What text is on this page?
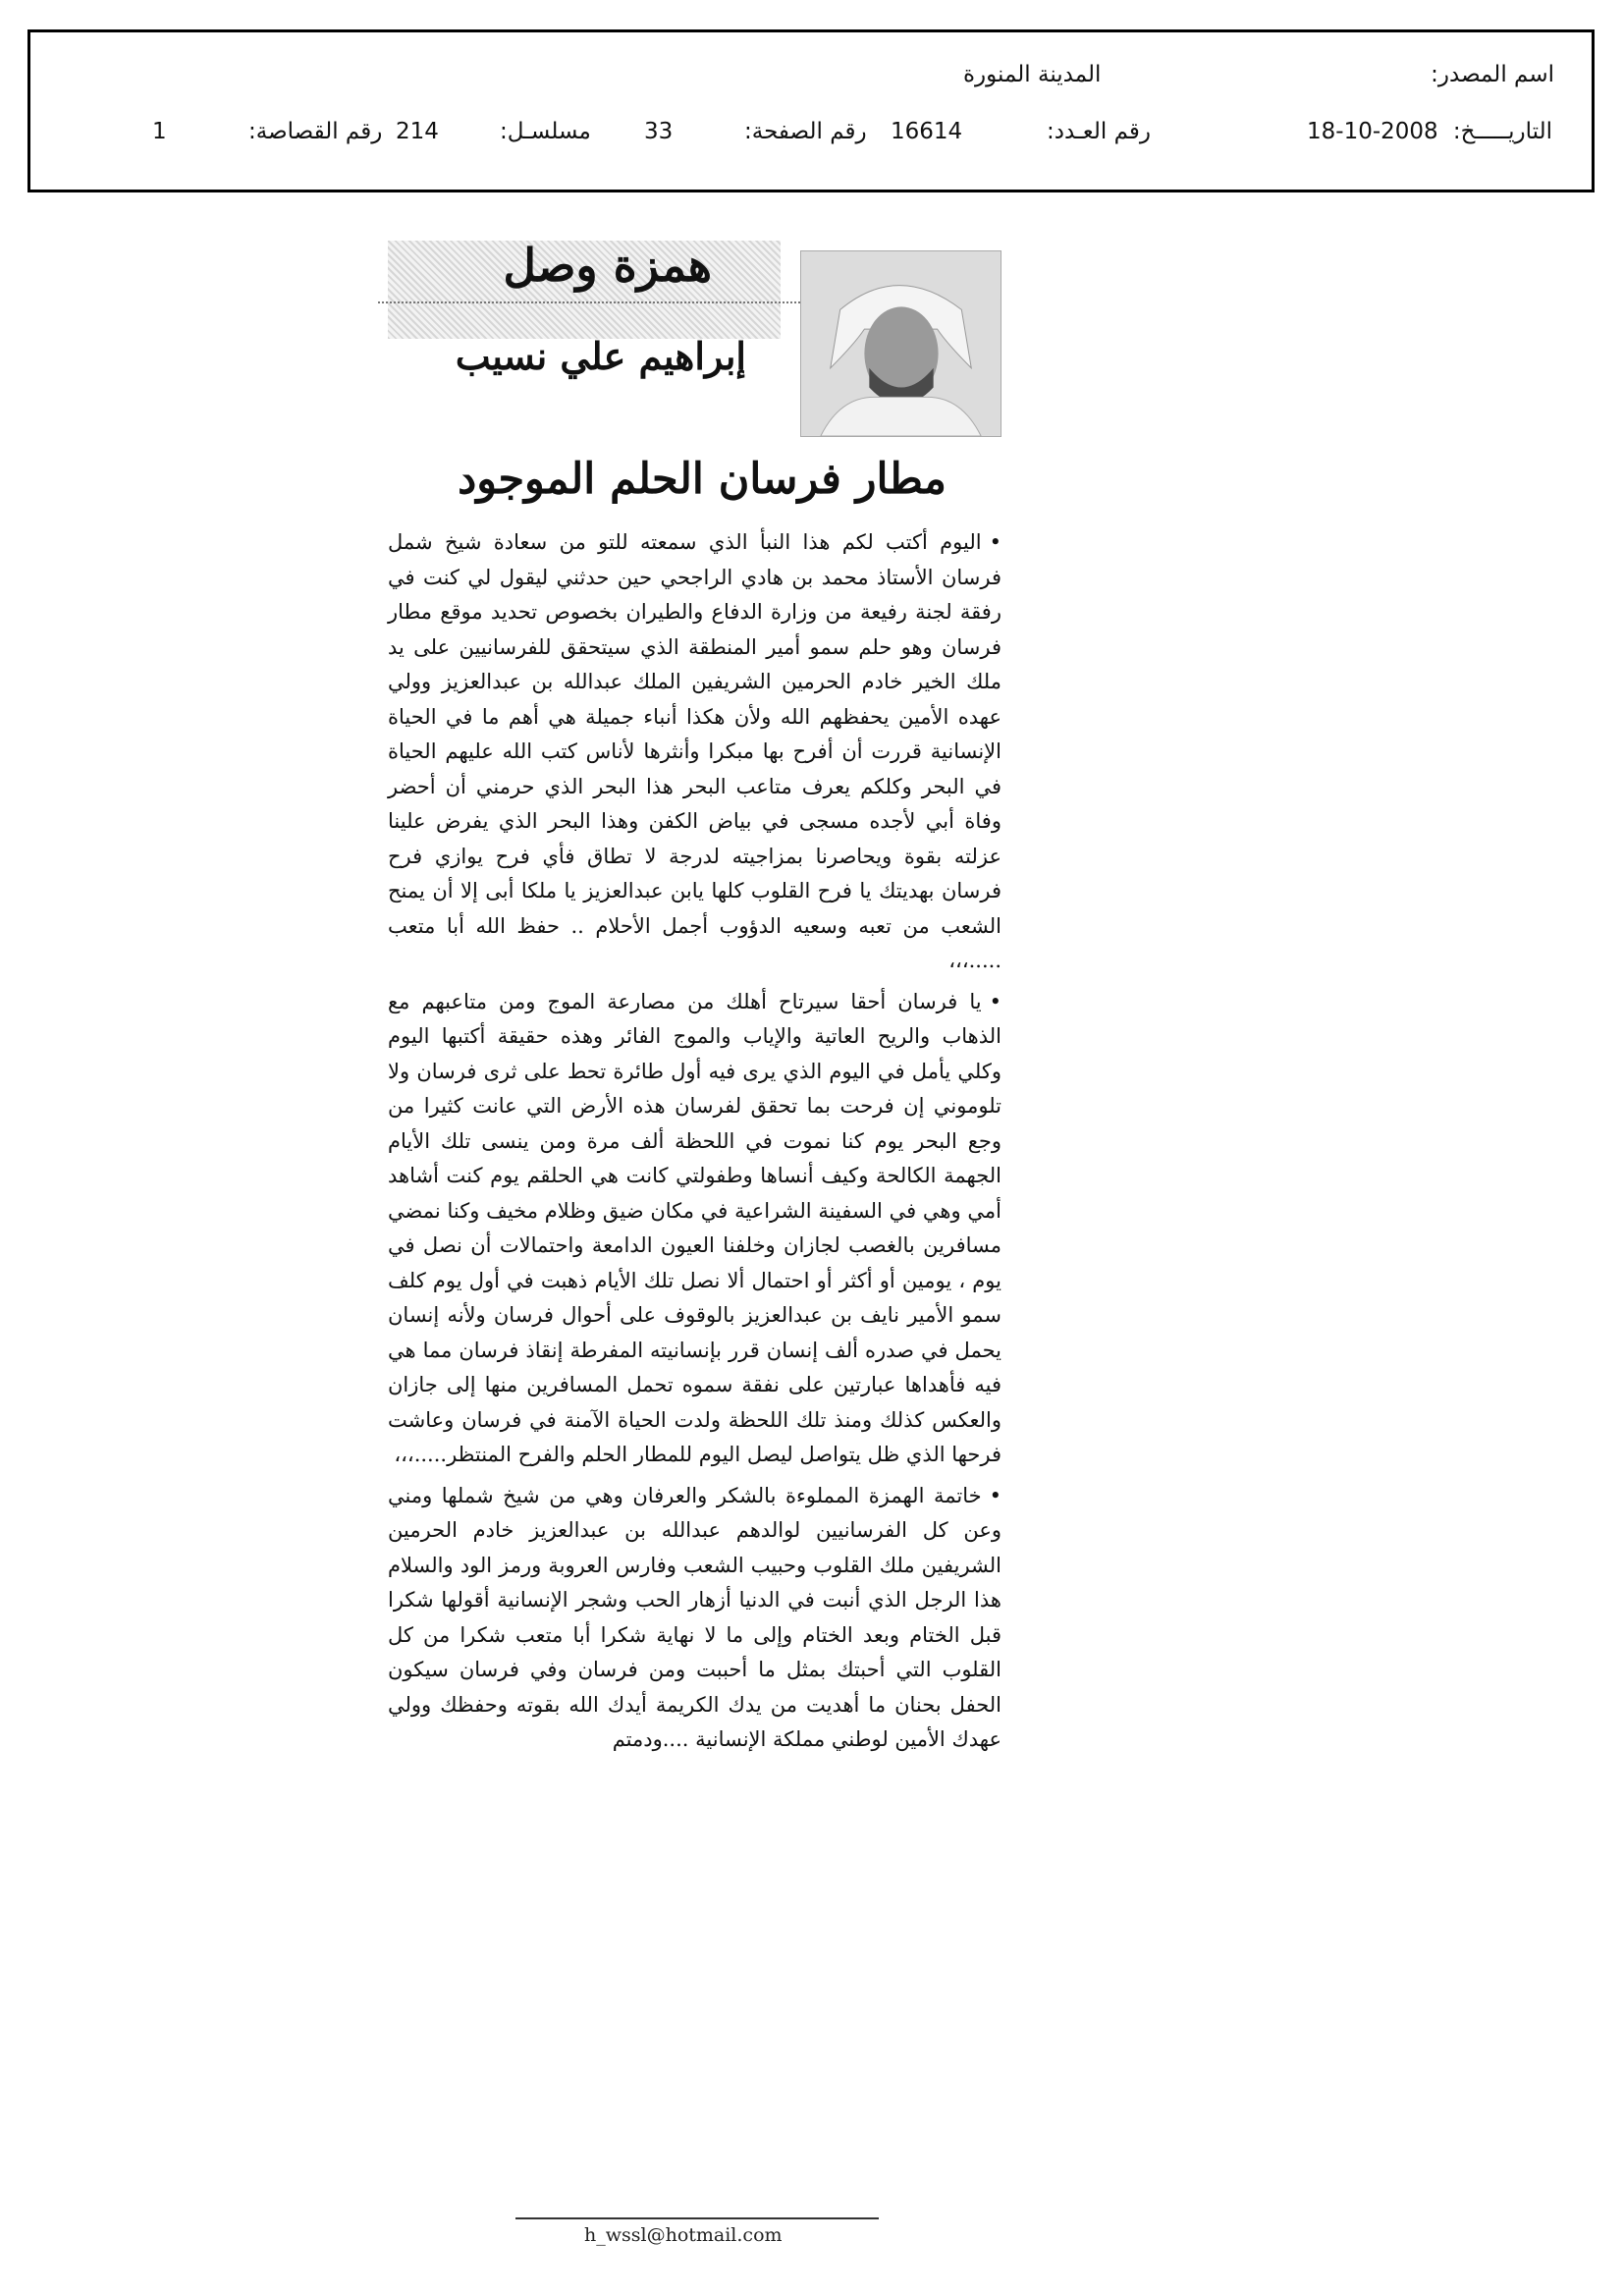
اسم المصدر:
المدينة المنورة
التاريـــــخ:
18-10-2008
رقم العـدد:
16614
رقم الصفحة:
33
مسلسـل:
214
رقم القصاصة:
1
همزة وصل
إبراهيم علي نسيب
مطار فرسان الحلم الموجود

•اليوم أكتب لكم هذا النبأ الذي سمعته للتو من سعادة شيخ شمل فرسان الأستاذ محمد بن هادي الراجحي حين حدثني ليقول لي كنت في رفقة لجنة رفيعة من وزارة الدفاع والطيران بخصوص تحديد موقع مطار فرسان وهو حلم سمو أمير المنطقة الذي سيتحقق للفرسانيين على يد ملك الخير خادم الحرمين الشريفين الملك عبدالله بن عبدالعزيز وولي عهده الأمين يحفظهم الله ولأن هكذا أنباء جميلة هي أهم ما في الحياة الإنسانية قررت أن أفرح بها مبكرا وأنثرها لأناس كتب الله عليهم الحياة في البحر وكلكم يعرف متاعب البحر هذا البحر الذي حرمني أن أحضر وفاة أبي لأجده مسجى في بياض الكفن وهذا البحر الذي يفرض علينا عزلته بقوة ويحاصرنا بمزاجيته لدرجة لا تطاق فأي فرح يوازي فرح فرسان بهديتك يا فرح القلوب كلها يابن عبدالعزيز يا ملكا أبى إلا أن يمنح الشعب من تعبه وسعيه الدؤوب أجمل الأحلام .. حفظ الله أبا متعب .....،،،

•يا فرسان أحقا سيرتاح أهلك من مصارعة الموج ومن متاعبهم مع الذهاب والريح العاتية والإياب والموج الفائر وهذه حقيقة أكتبها اليوم وكلي يأمل في اليوم الذي يرى فيه أول طائرة تحط على ثرى فرسان ولا تلوموني إن فرحت بما تحقق لفرسان هذه الأرض التي عانت كثيرا من وجع البحر يوم كنا نموت في اللحظة ألف مرة ومن ينسى تلك الأيام الجهمة الكالحة وكيف أنساها وطفولتي كانت هي الحلقم يوم كنت أشاهد أمي وهي في السفينة الشراعية في مكان ضيق وظلام مخيف وكنا نمضي مسافرين بالغصب لجازان وخلفنا العيون الدامعة واحتمالات أن نصل في يوم ، يومين أو أكثر أو احتمال ألا نصل تلك الأيام ذهبت في أول يوم كلف سمو الأمير نايف بن عبدالعزيز بالوقوف على أحوال فرسان ولأنه إنسان يحمل في صدره ألف إنسان قرر بإنسانيته المفرطة إنقاذ فرسان مما هي فيه فأهداها عبارتين على نفقة سموه تحمل المسافرين منها إلى جازان والعكس كذلك ومنذ تلك اللحظة ولدت الحياة الآمنة في فرسان وعاشت فرحها الذي ظل يتواصل ليصل اليوم للمطار الحلم والفرح المنتظر.....،،،

•خاتمة الهمزة المملوءة بالشكر والعرفان وهي من شيخ شملها ومني وعن كل الفرسانيين لوالدهم عبدالله بن عبدالعزيز خادم الحرمين الشريفين ملك القلوب وحبيب الشعب وفارس العروبة ورمز الود والسلام هذا الرجل الذي أنبت في الدنيا أزهار الحب وشجر الإنسانية أقولها شكرا قبل الختام وبعد الختام وإلى ما لا نهاية شكرا أبا متعب شكرا من كل القلوب التي أحبتك بمثل ما أحببت ومن فرسان وفي فرسان سيكون الحفل بحنان ما أهديت من يدك الكريمة أيدك الله بقوته وحفظك وولي عهدك الأمين لوطني مملكة الإنسانية ....ودمتم

h_wssl@hotmail.com
